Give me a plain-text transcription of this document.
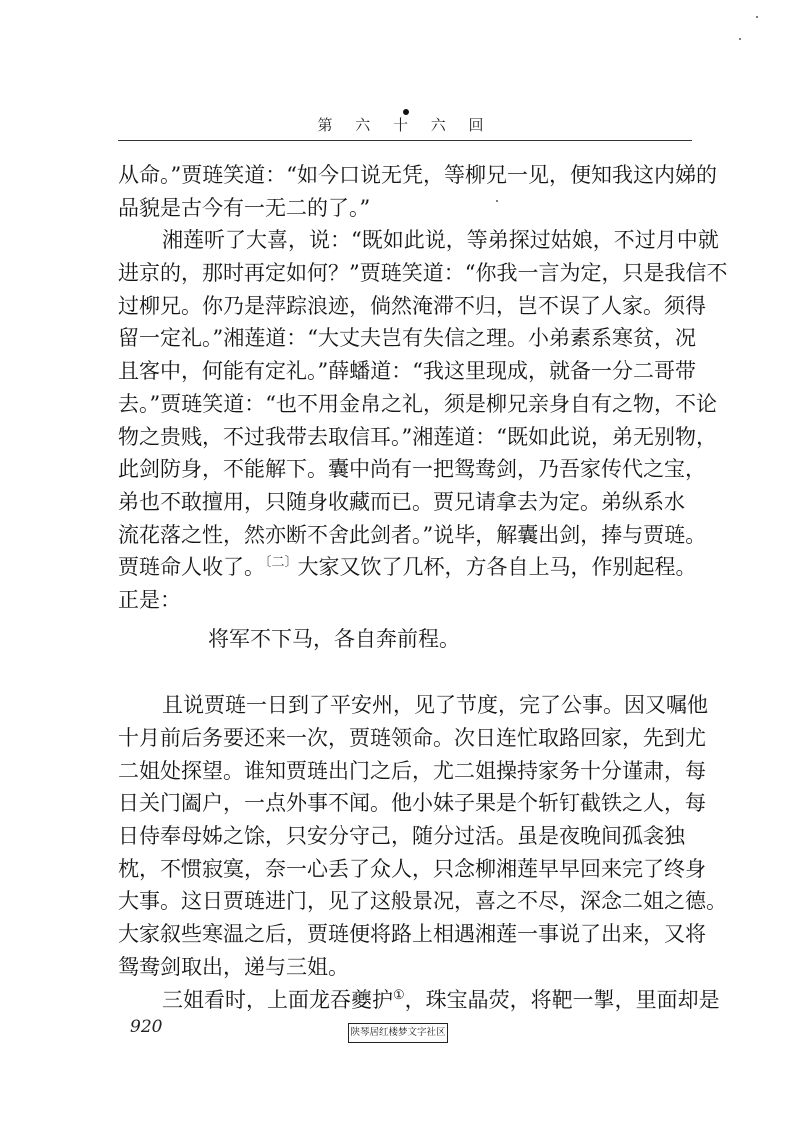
第 六 十 六 回
从命。”贾琏笑道：“如今口说无凭，等柳兄一见，便知我这内娣的
品貌是古今有一无二的了。”
湘莲听了大喜，说：“既如此说，等弟探过姑娘，不过月中就
进京的，那时再定如何？”贾琏笑道：“你我一言为定，只是我信不
过柳兄。你乃是萍踪浪迹，倘然淹滞不归，岂不误了人家。须得
留一定礼。”湘莲道：“大丈夫岂有失信之理。小弟素系寒贫，况
且客中，何能有定礼。”薛蟠道：“我这里现成，就备一分二哥带
去。”贾琏笑道：“也不用金帛之礼，须是柳兄亲身自有之物，不论
物之贵贱，不过我带去取信耳。”湘莲道：“既如此说，弟无别物，
此剑防身，不能解下。囊中尚有一把鸳鸯剑，乃吾家传代之宝，
弟也不敢擅用，只随身收藏而已。贾兄请拿去为定。弟纵系水
流花落之性，然亦断不舍此剑者。”说毕，解囊出剑，捧与贾琏。
贾琏命人收了。$^{〔二〕}$大家又饮了几杯，方各自上马，作别起程。
正是：
将军不下马，各自奔前程。
且说贾琏一日到了平安州，见了节度，完了公事。因又嘱他
十月前后务要还来一次，贾琏领命。次日连忙取路回家，先到尤
二姐处探望。谁知贾琏出门之后，尤二姐操持家务十分谨肃，每
日关门阖户，一点外事不闻。他小妹子果是个斩钉截铁之人，每
日侍奉母姊之馀，只安分守己，随分过活。虽是夜晚间孤衾独
枕，不惯寂寞，奈一心丢了众人，只念柳湘莲早早回来完了终身
大事。这日贾琏进门，见了这般景况，喜之不尽，深念二姐之德。
大家叙些寒温之后，贾琏便将路上相遇湘莲一事说了出来，又将
鸳鸯剑取出，递与三姐。
三姐看时，上面龙吞夔护①，珠宝晶荧，将靶一掣，里面却是
920	陕琴居红楼梦文字社区
